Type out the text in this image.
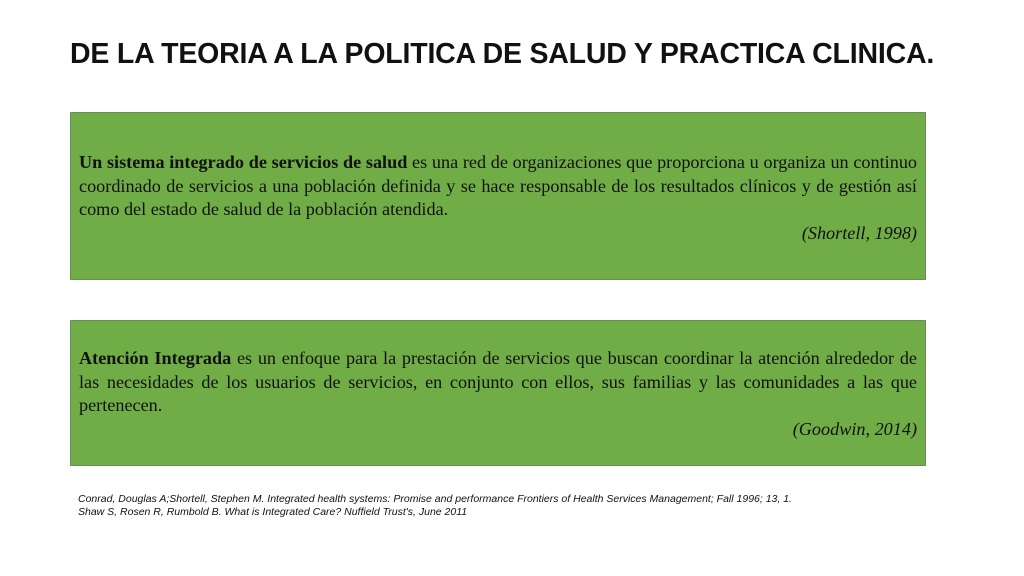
DE LA TEORIA A LA POLITICA DE SALUD Y PRACTICA CLINICA.

Un sistema integrado de servicios de salud es una red de organizaciones que proporciona u organiza un continuo coordinado de servicios a una población definida y se hace responsable de los resultados clínicos y de gestión así como del estado de salud de la población atendida.

(Shortell, 1998)

Atención Integrada es un enfoque para la prestación de servicios que buscan coordinar la atención alrededor de las necesidades de los usuarios de servicios, en conjunto con ellos, sus familias y las comunidades a las que pertenecen.

(Goodwin, 2014)

Conrad, Douglas A;Shortell, Stephen M. Integrated health systems: Promise and performance Frontiers of Health Services Management; Fall 1996; 13, 1.
Shaw S, Rosen R, Rumbold B. What is Integrated Care? Nuffield Trust's, June 2011
